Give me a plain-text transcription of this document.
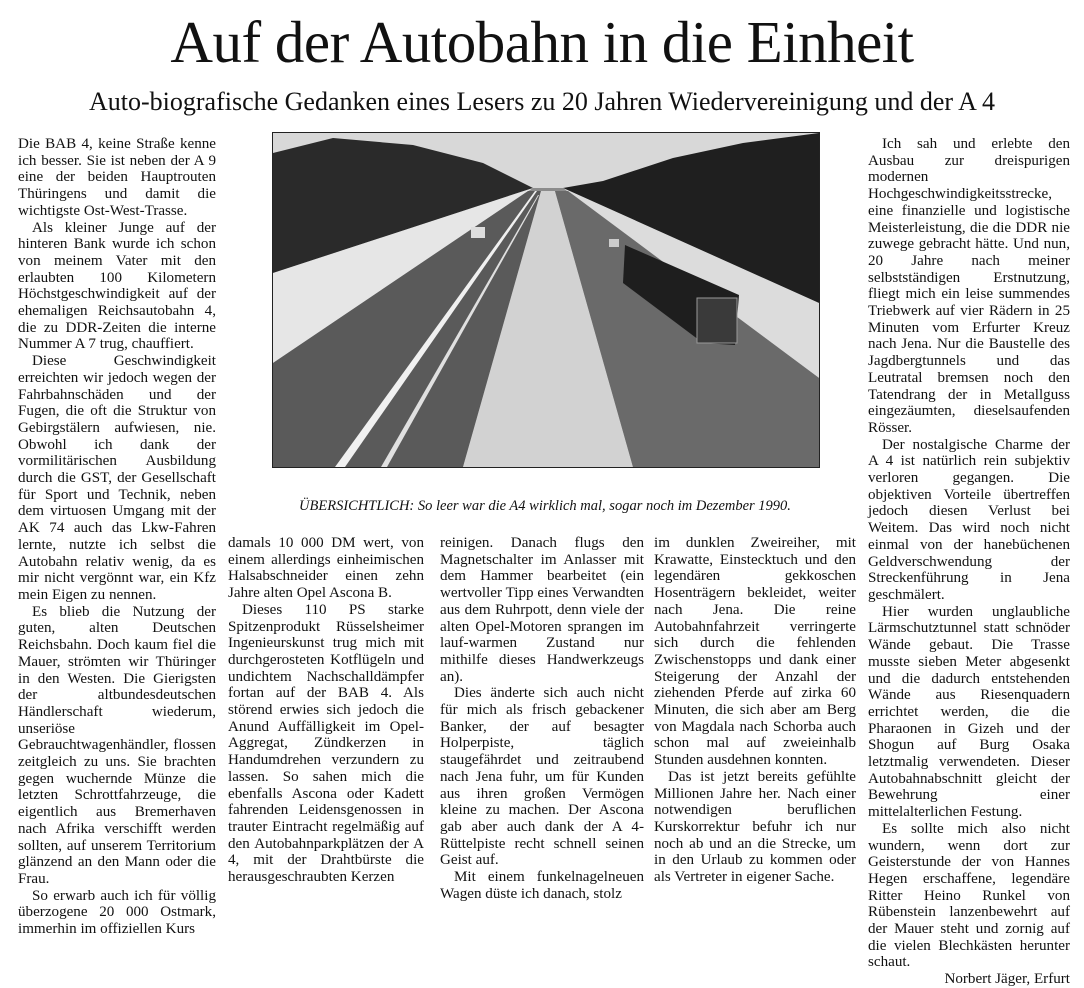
Auf der Autobahn in die Einheit
Auto-biografische Gedanken eines Lesers zu 20 Jahren Wiedervereinigung und der A 4

Die BAB 4, keine Straße kenne ich besser. Sie ist neben der A 9 eine der beiden Hauptrouten Thüringens und damit die wichtigste Ost-West-Trasse.

Als kleiner Junge auf der hinteren Bank wurde ich schon von meinem Vater mit den erlaubten 100 Kilometern Höchstgeschwindigkeit auf der ehemaligen Reichsautobahn 4, die zu DDR-Zeiten die interne Nummer A 7 trug, chauffiert.

Diese Geschwindigkeit erreichten wir jedoch wegen der Fahrbahnschäden und der Fugen, die oft die Struktur von Gebirgstälern aufwiesen, nie. Obwohl ich dank der vormilitärischen Ausbildung durch die GST, der Gesellschaft für Sport und Technik, neben dem virtuosen Umgang mit der AK 74 auch das Lkw-Fahren lernte, nutzte ich selbst die Autobahn relativ wenig, da es mir nicht vergönnt war, ein Kfz mein Eigen zu nennen.

Es blieb die Nutzung der guten, alten Deutschen Reichsbahn. Doch kaum fiel die Mauer, strömten wir Thüringer in den Westen. Die Gierigsten der altbundesdeutschen Händlerschaft wiederum, unseriöse Gebrauchtwagenhändler, flossen zeitgleich zu uns. Sie brachten gegen wuchernde Münze die letzten Schrottfahrzeuge, die eigentlich aus Bremerhaven nach Afrika verschifft werden sollten, auf unserem Territorium glänzend an den Mann oder die Frau.

So erwarb auch ich für völlig überzogene 20 000 Ostmark, immerhin im offiziellen Kurs

ÜBERSICHTLICH: So leer war die A4 wirklich mal, sogar noch im Dezember 1990.

damals 10 000 DM wert, von einem allerdings einheimischen Halsabschneider einen zehn Jahre alten Opel Ascona B.

Dieses 110 PS starke Spitzenprodukt Rüsselsheimer Ingenieurskunst trug mich mit durchgerosteten Kotflügeln und undichtem Nachschalldämpfer fortan auf der BAB 4. Als störend erwies sich jedoch die Anund Auffälligkeit im Opel-Aggregat, Zündkerzen in Handumdrehen verzundern zu lassen. So sahen mich die ebenfalls Ascona oder Kadett fahrenden Leidensgenossen in trauter Eintracht regelmäßig auf den Autobahnparkplätzen der A 4, mit der Drahtbürste die herausgeschraubten Kerzen

reinigen. Danach flugs den Magnetschalter im Anlasser mit dem Hammer bearbeitet (ein wertvoller Tipp eines Verwandten aus dem Ruhrpott, denn viele der alten Opel-Motoren sprangen im lauf-warmen Zustand nur mithilfe dieses Handwerkzeugs an).

Dies änderte sich auch nicht für mich als frisch gebackener Banker, der auf besagter Holperpiste, täglich staugefährdet und zeitraubend nach Jena fuhr, um für Kunden aus ihren großen Vermögen kleine zu machen. Der Ascona gab aber auch dank der A 4-Rüttelpiste recht schnell seinen Geist auf.

Mit einem funkelnagelneuen Wagen düste ich danach, stolz

im dunklen Zweireiher, mit Krawatte, Einstecktuch und den legendären gekkoschen Hosenträgern bekleidet, weiter nach Jena. Die reine Autobahnfahrzeit verringerte sich durch die fehlenden Zwischenstopps und dank einer Steigerung der Anzahl der ziehenden Pferde auf zirka 60 Minuten, die sich aber am Berg von Magdala nach Schorba auch schon mal auf zweieinhalb Stunden ausdehnen konnten.

Das ist jetzt bereits gefühlte Millionen Jahre her. Nach einer notwendigen beruflichen Kurskorrektur befuhr ich nur noch ab und an die Strecke, um in den Urlaub zu kommen oder als Vertreter in eigener Sache.

Ich sah und erlebte den Ausbau zur dreispurigen modernen Hochgeschwindigkeitsstrecke, eine finanzielle und logistische Meisterleistung, die die DDR nie zuwege gebracht hätte. Und nun, 20 Jahre nach meiner selbstständigen Erstnutzung, fliegt mich ein leise summendes Triebwerk auf vier Rädern in 25 Minuten vom Erfurter Kreuz nach Jena. Nur die Baustelle des Jagdbergtunnels und das Leutratal bremsen noch den Tatendrang der in Metallguss eingezäumten, dieselsaufenden Rösser.

Der nostalgische Charme der A 4 ist natürlich rein subjektiv verloren gegangen. Die objektiven Vorteile übertreffen jedoch diesen Verlust bei Weitem. Das wird noch nicht einmal von der hanebüchenen Geldverschwendung der Streckenführung in Jena geschmälert.

Hier wurden unglaubliche Lärmschutztunnel statt schnöder Wände gebaut. Die Trasse musste sieben Meter abgesenkt und die dadurch entstehenden Wände aus Riesenquadern errichtet werden, die die Pharaonen in Gizeh und der Shogun auf Burg Osaka letztmalig verwendeten. Dieser Autobahnabschnitt gleicht der Bewehrung einer mittelalterlichen Festung.

Es sollte mich also nicht wundern, wenn dort zur Geisterstunde der von Hannes Hegen erschaffene, legendäre Ritter Heino Runkel von Rübenstein lanzenbewehrt auf der Mauer steht und zornig auf die vielen Blechkästen herunter schaut.

Norbert Jäger, Erfurt
